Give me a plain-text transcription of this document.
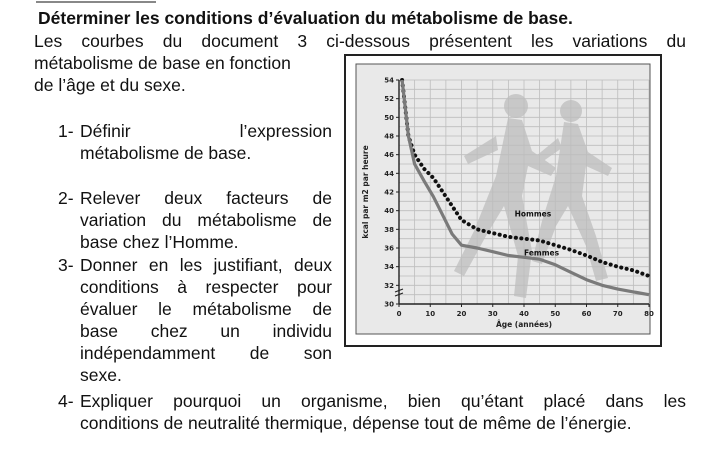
Déterminer les conditions d’évaluation du métabolisme de base.
Les courbes du document 3 ci-dessous présentent les variations du
métabolisme de base en fonction
de l’âge et du sexe.
1- Définir l’expression
métabolisme de base.
2- Relever deux facteurs de
variation du métabolisme de
base chez l’Homme.
3- Donner en les justifiant, deux
conditions à respecter pour
évaluer le métabolisme de
base chez un individu
indépendamment de son
sexe.
4- Expliquer pourquoi un organisme, bien qu’étant placé dans les
conditions de neutralité thermique, dépense tout de même de l’énergie.
30
32
34
36
38
40
42
44
46
48
50
52
54
0	10	20	30	40	50	60	70	80
Âge (années)
kcal par m2 par heure	Hommes
Femmes
